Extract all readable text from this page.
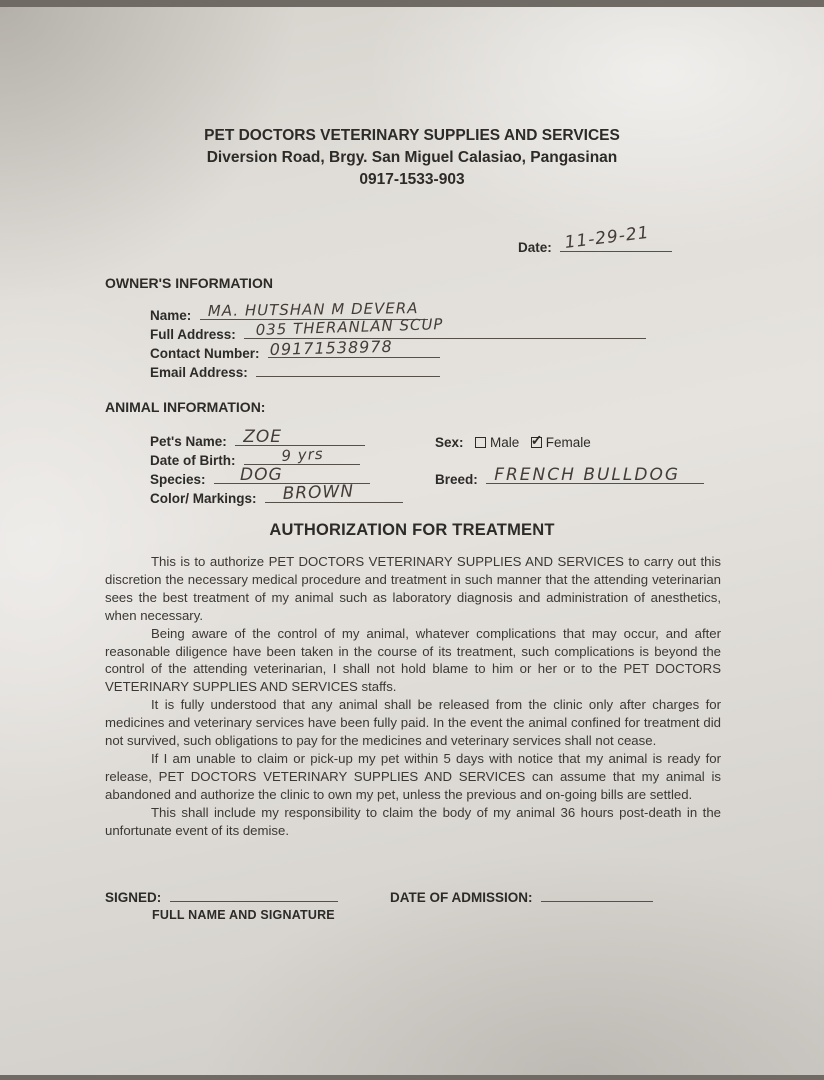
PET DOCTORS VETERINARY SUPPLIES AND SERVICES
Diversion Road, Brgy. San Miguel Calasiao, Pangasinan
0917-1533-903
Date: 11-29-21
OWNER'S INFORMATION
Name: MA. HUTSHAN M DEVERA
Full Address: 035 THERANLAN SCUP
Contact Number: 09171538978
Email Address:
ANIMAL INFORMATION:
Pet's Name: ZOE
Date of Birth:	9 yrs
Species: DOG
Color/ Markings: BROWN
Sex: Male ✓ Female
Breed: FRENCH BULLDOG
AUTHORIZATION FOR TREATMENT

This is to authorize PET DOCTORS VETERINARY SUPPLIES AND SERVICES to carry out this discretion the necessary medical procedure and treatment in such manner that the attending veterinarian sees the best treatment of my animal such as laboratory diagnosis and administration of anesthetics, when necessary.

Being aware of the control of my animal, whatever complications that may occur, and after reasonable diligence have been taken in the course of its treatment, such complications is beyond the control of the attending veterinarian, I shall not hold blame to him or her or to the PET DOCTORS VETERINARY SUPPLIES AND SERVICES staffs.

It is fully understood that any animal shall be released from the clinic only after charges for medicines and veterinary services have been fully paid. In the event the animal confined for treatment did not survived, such obligations to pay for the medicines and veterinary services shall not cease.

If I am unable to claim or pick-up my pet within 5 days with notice that my animal is ready for release, PET DOCTORS VETERINARY SUPPLIES AND SERVICES can assume that my animal is abandoned and authorize the clinic to own my pet, unless the previous and on-going bills are settled.

This shall include my responsibility to claim the body of my animal 36 hours post-death in the unfortunate event of its demise.

SIGNED:
FULL NAME AND SIGNATURE
DATE OF ADMISSION:
